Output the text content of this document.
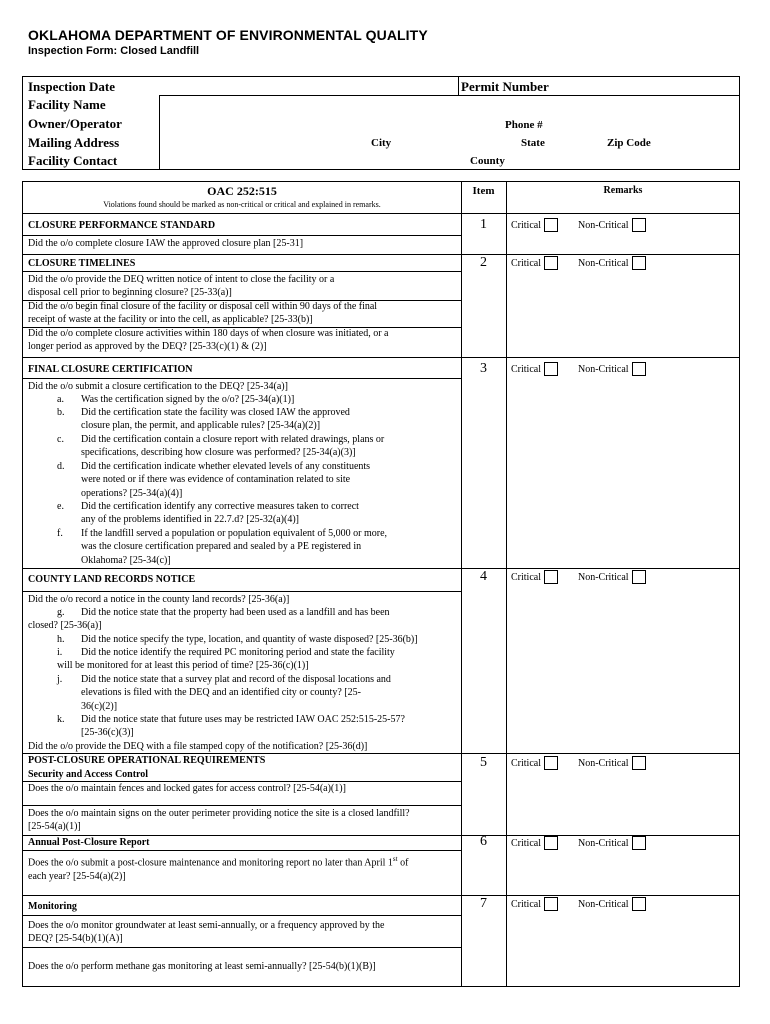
OKLAHOMA DEPARTMENT OF ENVIRONMENTAL QUALITY
Inspection Form: Closed Landfill
Inspection Date	Permit Number
Facility Name
Owner/Operator
Mailing Address
Facility Contact
Phone #
City	State	Zip Code
County
OAC 252:515
Violations found should be marked as non-critical or critical and explained in remarks.
Item	Remarks
CLOSURE PERFORMANCE STANDARD
Did the o/o complete closure IAW the approved closure plan [25-31]
1	Critical	Non-Critical
CLOSURE TIMELINES
Did the o/o provide the DEQ written notice of intent to close the facility or a
disposal cell prior to beginning closure? [25-33(a)]
Did the o/o begin final closure of the facility or disposal cell within 90 days of the final
receipt of waste at the facility or into the cell, as applicable? [25-33(b)]
Did the o/o complete closure activities within 180 days of when closure was initiated, or a
longer period as approved by the DEQ? [25-33(c)(1) & (2)]
2	Critical	Non-Critical
FINAL CLOSURE CERTIFICATION
Did the o/o submit a closure certification to the DEQ? [25-34(a)]
a. Was the certification signed by the o/o? [25-34(a)(1)]
b. Did the certification state the facility was closed IAW the approved
closure plan, the permit, and applicable rules? [25-34(a)(2)]
c. Did the certification contain a closure report with related drawings, plans or
specifications, describing how closure was performed? [25-34(a)(3)]
d. Did the certification indicate whether elevated levels of any constituents
were noted or if there was evidence of contamination related to site
operations? [25-34(a)(4)]
e. Did the certification identify any corrective measures taken to correct
any of the problems identified in 22.7.d? [25-32(a)(4)]
f. If the landfill served a population or population equivalent of 5,000 or more,
was the closure certification prepared and sealed by a PE registered in
Oklahoma? [25-34(c)]
3	Critical	Non-Critical
COUNTY LAND RECORDS NOTICE
Did the o/o record a notice in the county land records? [25-36(a)]
g. Did the notice state that the property had been used as a landfill and has been
closed? [25-36(a)]
h. Did the notice specify the type, location, and quantity of waste disposed? [25-36(b)]
i. Did the notice identify the required PC monitoring period and state the facility
will be monitored for at least this period of time? [25-36(c)(1)]
j. Did the notice state that a survey plat and record of the disposal locations and
elevations is filed with the DEQ and an identified city or county? [25-
36(c)(2)]
k. Did the notice state that future uses may be restricted IAW OAC 252:515-25-57?
[25-36(c)(3)]
Did the o/o provide the DEQ with a file stamped copy of the notification? [25-36(d)]
4	Critical	Non-Critical
POST-CLOSURE OPERATIONAL REQUIREMENTS
Security and Access Control
Does the o/o maintain fences and locked gates for access control? [25-54(a)(1)]
Does the o/o maintain signs on the outer perimeter providing notice the site is a closed landfill?
[25-54(a)(1)]
5	Critical	Non-Critical
Annual Post-Closure Report
Does the o/o submit a post-closure maintenance and monitoring report no later than April 1st of
each year? [25-54(a)(2)]
6	Critical	Non-Critical
Monitoring
Does the o/o monitor groundwater at least semi-annually, or a frequency approved by the
DEQ? [25-54(b)(1)(A)]
Does the o/o perform methane gas monitoring at least semi-annually? [25-54(b)(1)(B)]
7	Critical	Non-Critical
